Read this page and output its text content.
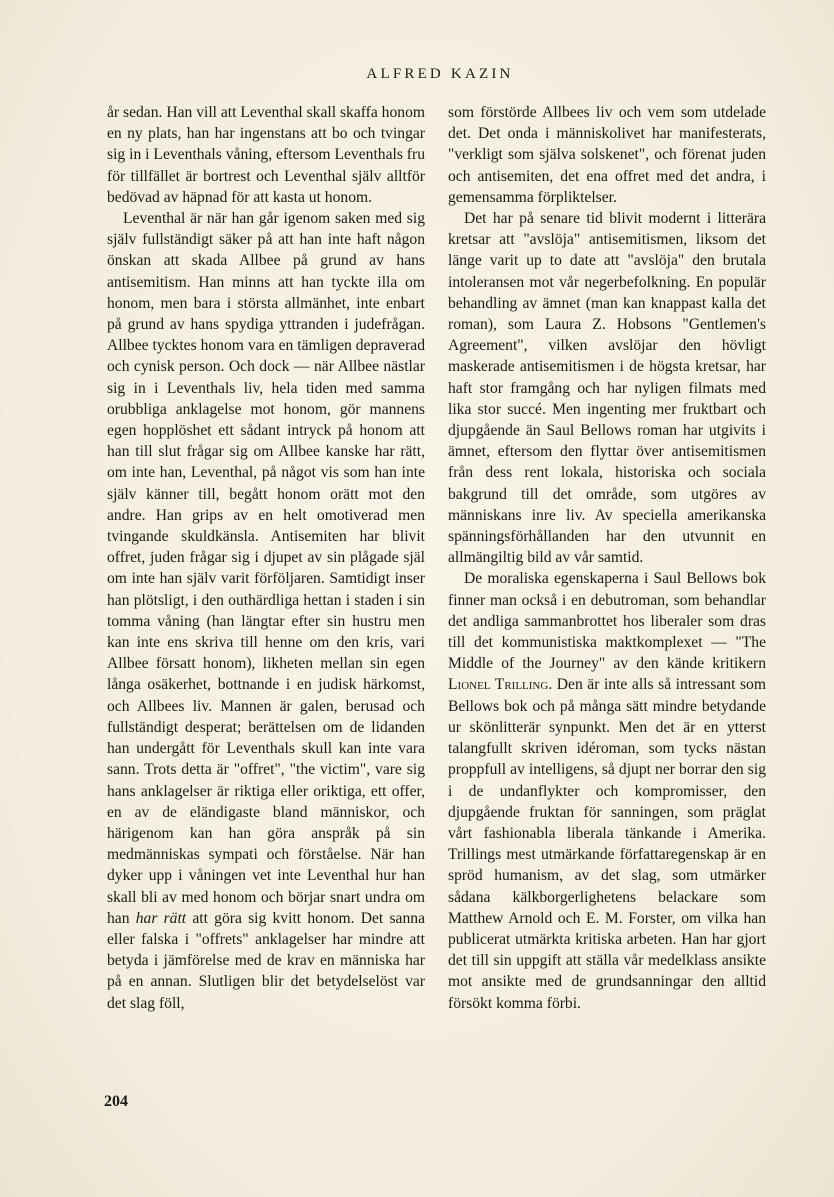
ALFRED KAZIN

år sedan. Han vill att Leventhal skall skaffa honom en ny plats, han har ingenstans att bo och tvingar sig in i Leventhals våning, eftersom Leventhals fru för tillfället är bortrest och Leventhal själv alltför bedövad av häpnad för att kasta ut honom.

Leventhal är när han går igenom saken med sig själv fullständigt säker på att han inte haft någon önskan att skada Allbee på grund av hans antisemitism. Han minns att han tyckte illa om honom, men bara i största allmänhet, inte enbart på grund av hans spydiga yttranden i judefrågan. Allbee tycktes honom vara en tämligen depraverad och cynisk person. Och dock — när Allbee nästlar sig in i Leventhals liv, hela tiden med samma orubbliga anklagelse mot honom, gör mannens egen hopplöshet ett sådant intryck på honom att han till slut frågar sig om Allbee kanske har rätt, om inte han, Leventhal, på något vis som han inte själv känner till, begått honom orätt mot den andre. Han grips av en helt omotiverad men tvingande skuldkänsla. Antisemiten har blivit offret, juden frågar sig i djupet av sin plågade själ om inte han själv varit förföljaren. Samtidigt inser han plötsligt, i den outhärdliga hettan i staden i sin tomma våning (han längtar efter sin hustru men kan inte ens skriva till henne om den kris, vari Allbee försatt honom), likheten mellan sin egen långa osäkerhet, bottnande i en judisk härkomst, och Allbees liv. Mannen är galen, berusad och fullständigt desperat; berättelsen om de lidanden han undergått för Leventhals skull kan inte vara sann. Trots detta är "offret", "the victim", vare sig hans anklagelser är riktiga eller oriktiga, ett offer, en av de eländigaste bland människor, och härigenom kan han göra anspråk på sin medmänniskas sympati och förståelse. När han dyker upp i våningen vet inte Leventhal hur han skall bli av med honom och börjar snart undra om han har rätt att göra sig kvitt honom. Det sanna eller falska i "offrets" anklagelser har mindre att betyda i jämförelse med de krav en människa har på en annan. Slutligen blir det betydelselöst var det slag föll,

som förstörde Allbees liv och vem som utdelade det. Det onda i människolivet har manifesterats, "verkligt som själva solskenet", och förenat juden och antisemiten, det ena offret med det andra, i gemensamma förpliktelser.

Det har på senare tid blivit modernt i litterära kretsar att "avslöja" antisemitismen, liksom det länge varit up to date att "avslöja" den brutala intoleransen mot vår negerbefolkning. En populär behandling av ämnet (man kan knappast kalla det roman), som Laura Z. Hobsons "Gentlemen's Agreement", vilken avslöjar den hövligt maskerade antisemitismen i de högsta kretsar, har haft stor framgång och har nyligen filmats med lika stor succé. Men ingenting mer fruktbart och djupgående än Saul Bellows roman har utgivits i ämnet, eftersom den flyttar över antisemitismen från dess rent lokala, historiska och sociala bakgrund till det område, som utgöres av människans inre liv. Av speciella amerikanska spänningsförhållanden har den utvunnit en allmängiltig bild av vår samtid.

De moraliska egenskaperna i Saul Bellows bok finner man också i en debutroman, som behandlar det andliga sammanbrottet hos liberaler som dras till det kommunistiska maktkomplexet — "The Middle of the Journey" av den kände kritikern Lionel Trilling. Den är inte alls så intressant som Bellows bok och på många sätt mindre betydande ur skönlitterär synpunkt. Men det är en ytterst talangfullt skriven idéroman, som tycks nästan proppfull av intelligens, så djupt ner borrar den sig i de undanflykter och kompromisser, den djupgående fruktan för sanningen, som präglat vårt fashionabla liberala tänkande i Amerika. Trillings mest utmärkande författaregenskap är en spröd humanism, av det slag, som utmärker sådana kälkborgerlighetens belackare som Matthew Arnold och E. M. Forster, om vilka han publicerat utmärkta kritiska arbeten. Han har gjort det till sin uppgift att ställa vår medelklass ansikte mot ansikte med de grundsanningar den alltid försökt komma förbi.

204
